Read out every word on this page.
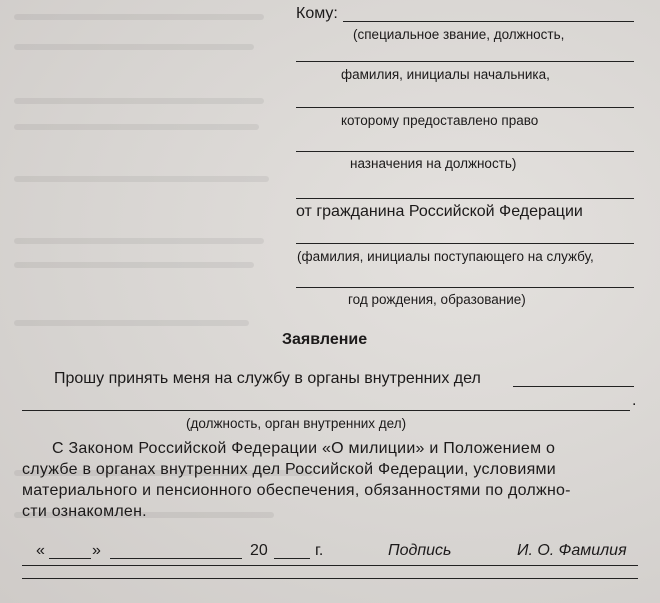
Кому:
(специальное звание, должность,
фамилия, инициалы начальника,
которому предоставлено право
назначения на должность)
от гражданина Российской Федерации
(фамилия, инициалы поступающего на службу,
год рождения, образование)
Заявление
Прошу принять меня на службу в органы внутренних дел
.
(должность, орган внутренних дел)
С Законом Российской Федерации «О милиции» и Положением о
службе в органах внутренних дел Российской Федерации, условиями
материального и пенсионного обеспечения, обязанностями по должно-
сти ознакомлен.
«	»	20	г.	Подпись	И. О. Фамилия
